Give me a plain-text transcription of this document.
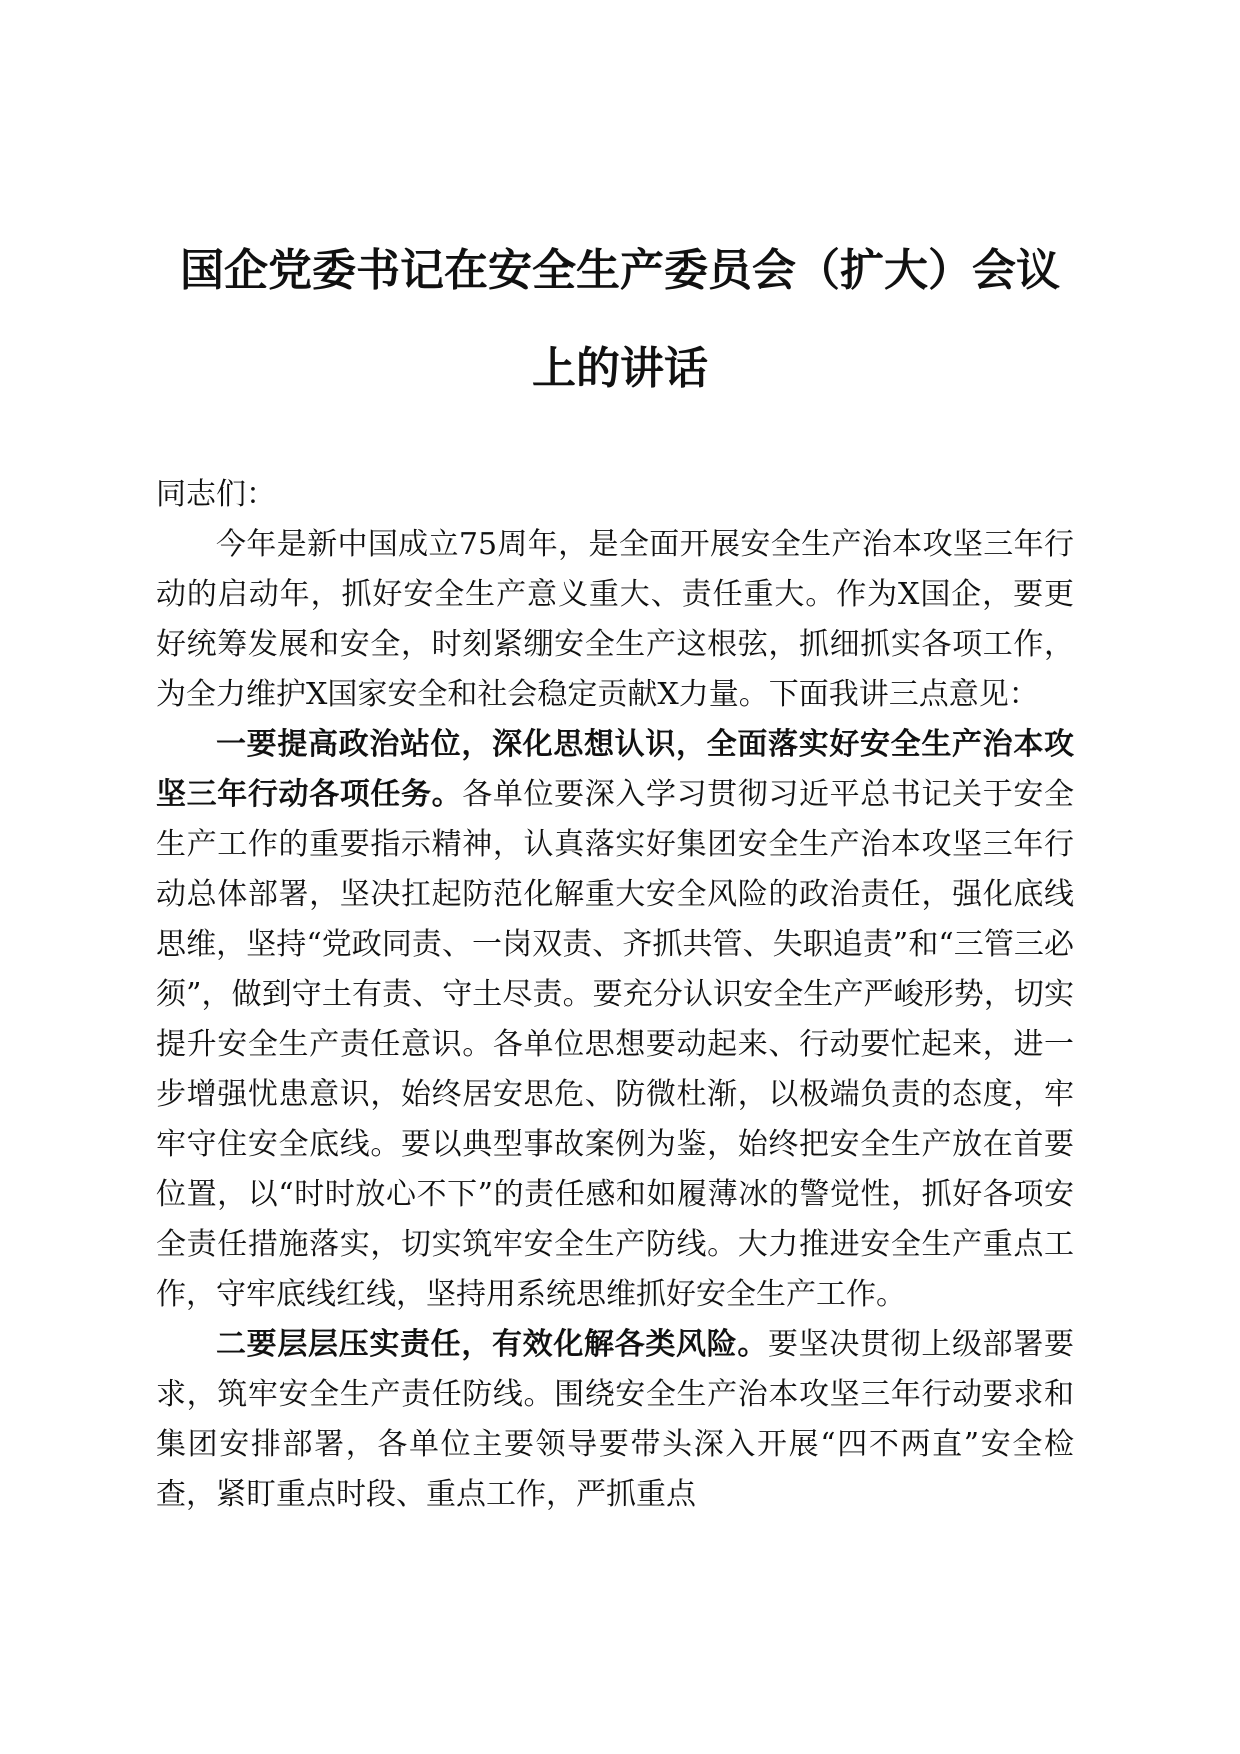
国企党委书记在安全生产委员会（扩大）会议
上的讲话

同志们：

今年是新中国成立75周年，是全面开展安全生产治本攻坚三年行动的启动年，抓好安全生产意义重大、责任重大。作为X国企，要更好统筹发展和安全，时刻紧绷安全生产这根弦，抓细抓实各项工作，为全力维护X国家安全和社会稳定贡献X力量。下面我讲三点意见：

一要提高政治站位，深化思想认识，全面落实好安全生产治本攻坚三年行动各项任务。各单位要深入学习贯彻习近平总书记关于安全生产工作的重要指示精神，认真落实好集团安全生产治本攻坚三年行动总体部署，坚决扛起防范化解重大安全风险的政治责任，强化底线思维，坚持“党政同责、一岗双责、齐抓共管、失职追责”和“三管三必须”，做到守土有责、守土尽责。要充分认识安全生产严峻形势，切实提升安全生产责任意识。各单位思想要动起来、行动要忙起来，进一步增强忧患意识，始终居安思危、防微杜渐，以极端负责的态度，牢牢守住安全底线。要以典型事故案例为鉴，始终把安全生产放在首要位置，以“时时放心不下”的责任感和如履薄冰的警觉性，抓好各项安全责任措施落实，切实筑牢安全生产防线。大力推进安全生产重点工作，守牢底线红线，坚持用系统思维抓好安全生产工作。

二要层层压实责任，有效化解各类风险。要坚决贯彻上级部署要求，筑牢安全生产责任防线。围绕安全生产治本攻坚三年行动要求和集团安排部署，各单位主要领导要带头深入开展“四不两直”安全检查，紧盯重点时段、重点工作，严抓重点
